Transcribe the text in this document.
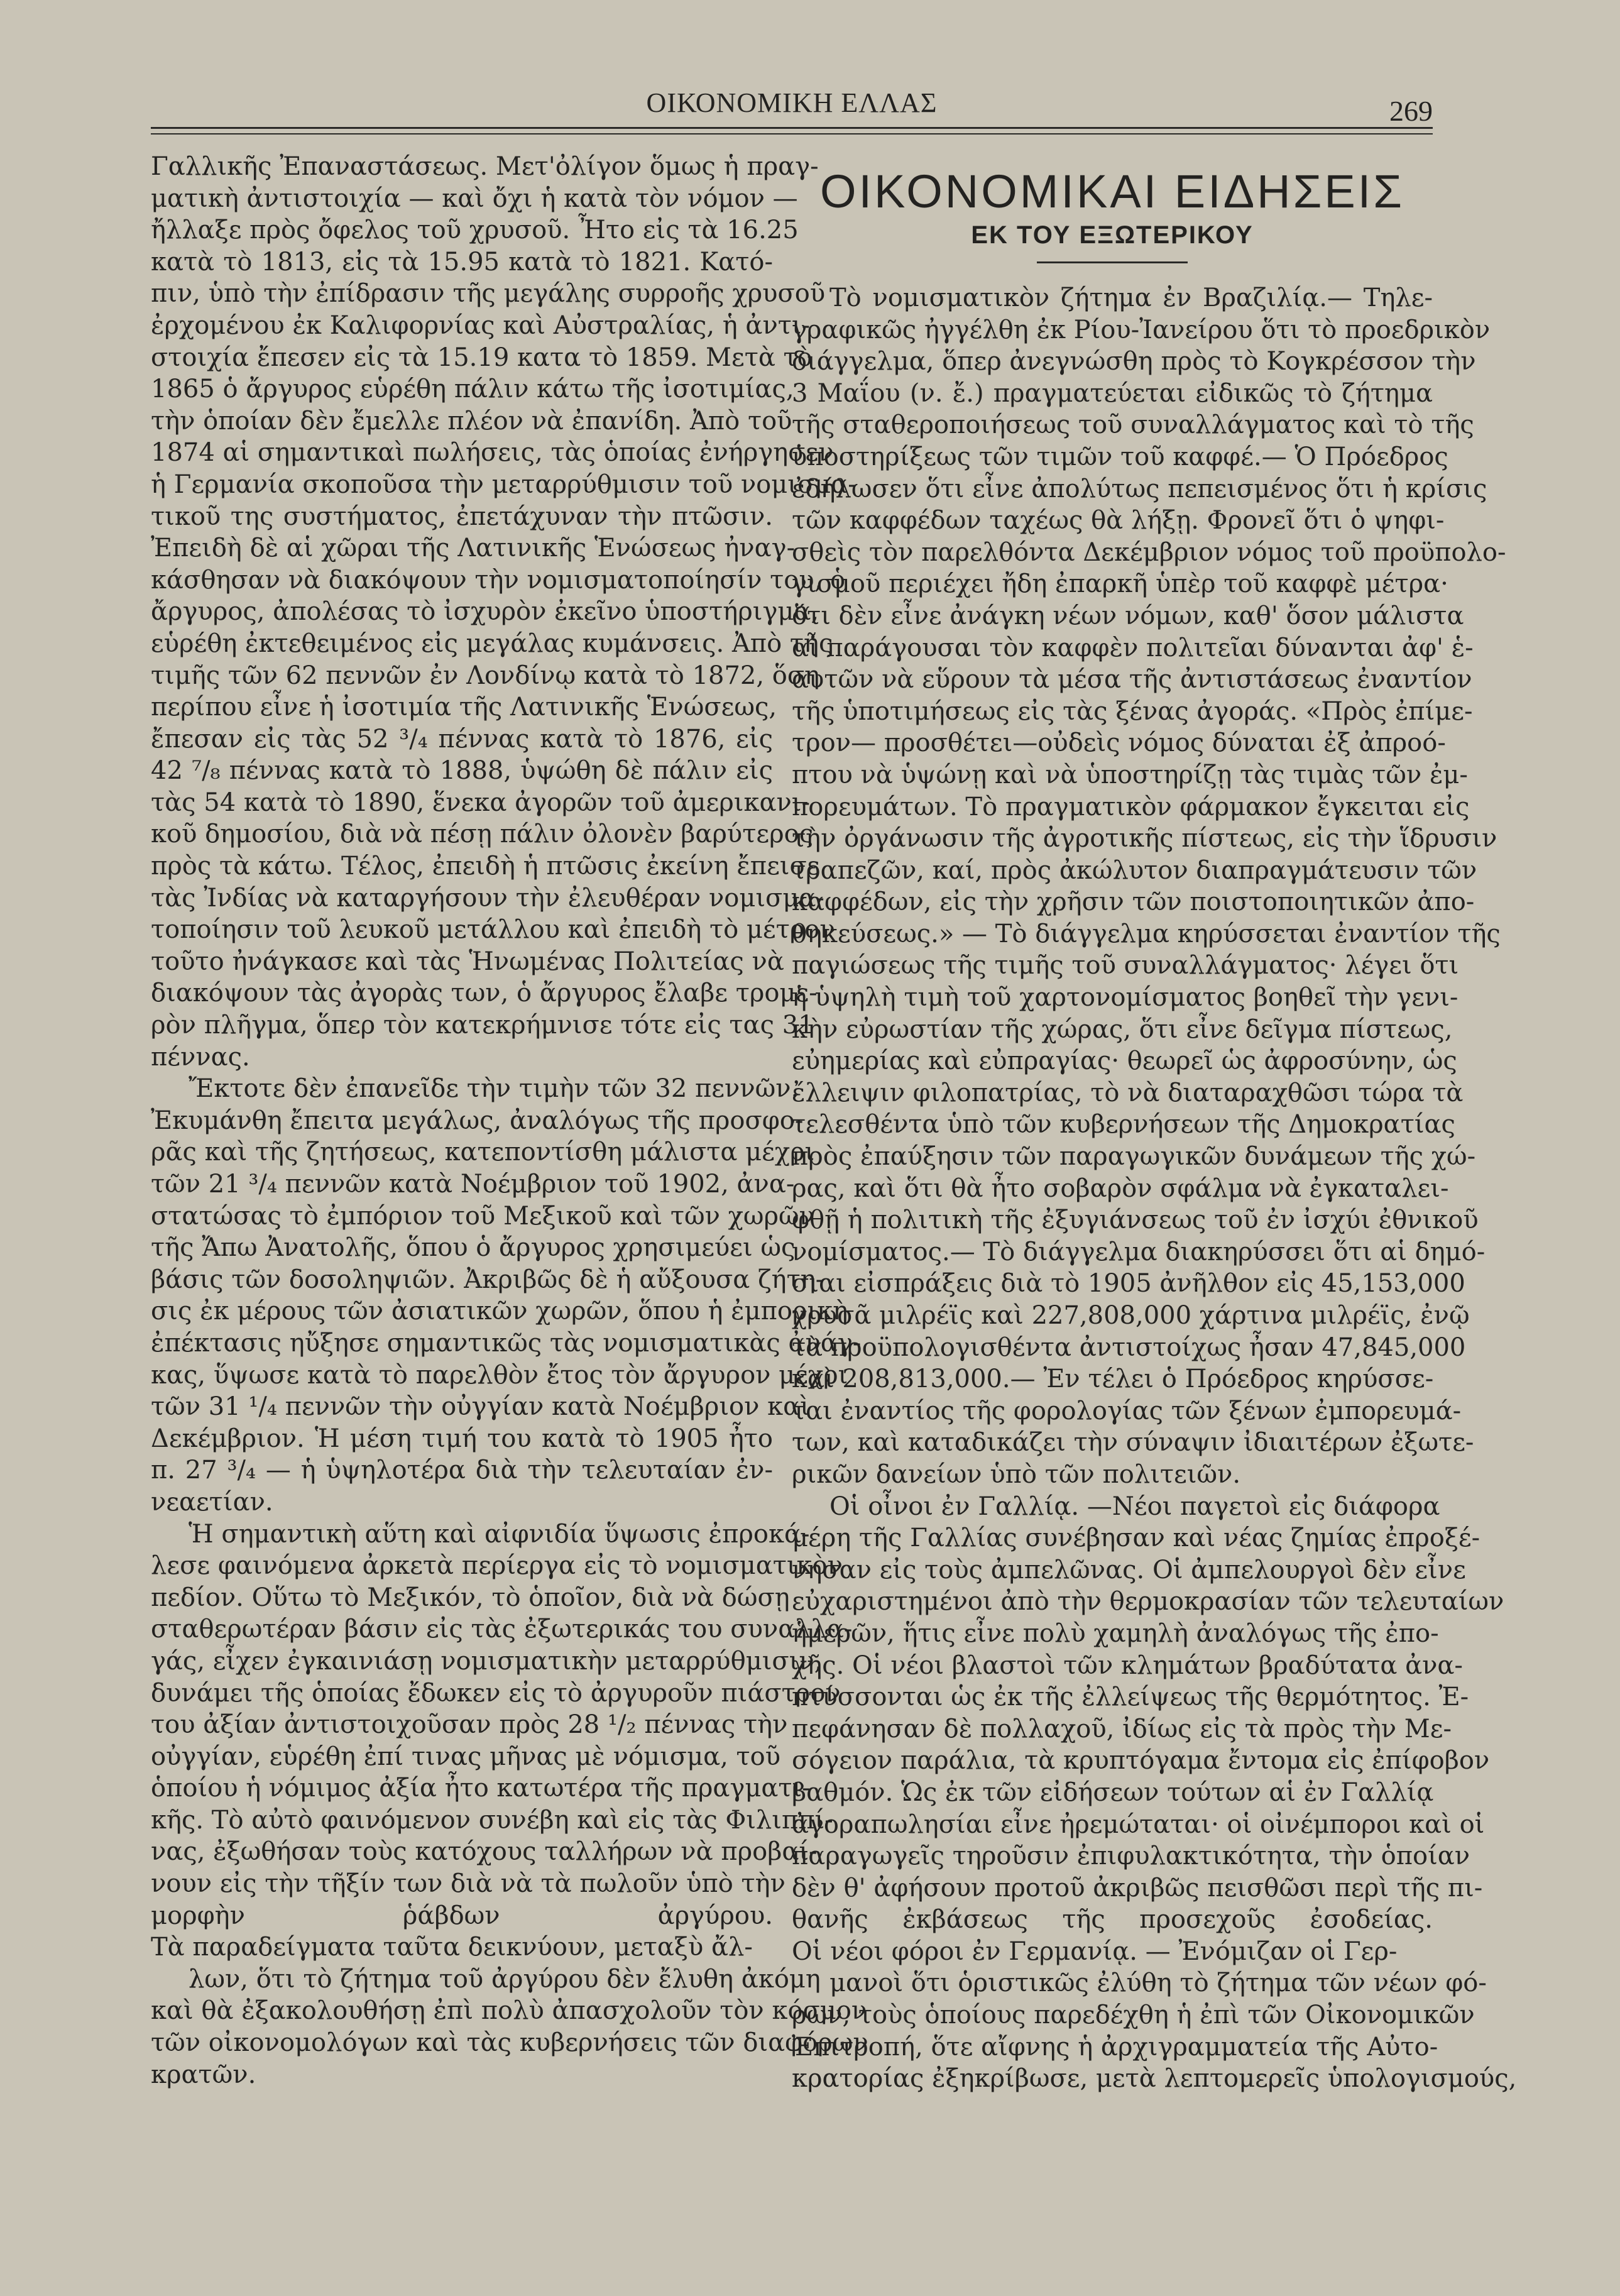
ΟΙΚΟΝΟΜΙΚΗ ΕΛΛΑΣ	269
Γαλλικῆς Ἐπαναστάσεως. Μετ'ὀλίγον ὅμως ἡ πραγ-
ματικὴ ἀντιστοιχία — καὶ ὄχι ἡ κατὰ τὸν νόμον —
ἤλλαξε πρὸς ὄφελος τοῦ χρυσοῦ. Ἦτο εἰς τὰ 16.25
κατὰ τὸ 1813, εἰς τὰ 15.95 κατὰ τὸ 1821. Κατό-
πιν, ὑπὸ τὴν ἐπίδρασιν τῆς μεγάλης συρροῆς χρυσοῦ
ἐρχομένου ἐκ Καλιφορνίας καὶ Αὐστραλίας, ἡ ἀντι-
στοιχία ἔπεσεν εἰς τὰ 15.19 κατα τὸ 1859. Μετὰ τὸ
1865 ὁ ἄργυρος εὑρέθη πάλιν κάτω τῆς ἰσοτιμίας,
τὴν ὁποίαν δὲν ἔμελλε πλέον νὰ ἐπανίδη. Ἀπὸ τοῦ
1874 αἱ σημαντικαὶ πωλήσεις, τὰς ὁποίας ἐνήργησεν
ἡ Γερμανία σκοποῦσα τὴν μεταρρύθμισιν τοῦ νομισμα-
τικοῦ της συστήματος, ἐπετάχυναν τὴν πτῶσιν.
Ἐπειδὴ δὲ αἱ χῶραι τῆς Λατινικῆς Ἑνώσεως ἠναγ-
κάσθησαν νὰ διακόψουν τὴν νομισματοποίησίν του, ὁ
ἄργυρος, ἀπολέσας τὸ ἰσχυρὸν ἐκεῖνο ὑποστήριγμα,
εὑρέθη ἐκτεθειμένος εἰς μεγάλας κυμάνσεις. Ἀπὸ τῆς
τιμῆς τῶν 62 πεννῶν ἐν Λονδίνῳ κατὰ τὸ 1872, ὅση
περίπου εἶνε ἡ ἰσοτιμία τῆς Λατινικῆς Ἑνώσεως,
ἔπεσαν εἰς τὰς 52 ³/₄ πέννας κατὰ τὸ 1876, εἰς
42 ⁷/₈ πέννας κατὰ τὸ 1888, ὑψώθη δὲ πάλιν εἰς
τὰς 54 κατὰ τὸ 1890, ἕνεκα ἀγορῶν τοῦ ἀμερικανι-
κοῦ δημοσίου, διὰ νὰ πέσῃ πάλιν ὀλονὲν βαρύτερος
πρὸς τὰ κάτω. Τέλος, ἐπειδὴ ἡ πτῶσις ἐκείνη ἔπεισε
τὰς Ἰνδίας νὰ καταργήσουν τὴν ἐλευθέραν νομισμα-
τοποίησιν τοῦ λευκοῦ μετάλλου καὶ ἐπειδὴ τὸ μέτρον
τοῦτο ἠνάγκασε καὶ τὰς Ἡνωμένας Πολιτείας νὰ
διακόψουν τὰς ἀγορὰς των, ὁ ἄργυρος ἔλαβε τρομε-
ρὸν πλῆγμα, ὅπερ τὸν κατεκρήμνισε τότε εἰς τας 31
πέννας.
Ἔκτοτε δὲν ἐπανεῖδε τὴν τιμὴν τῶν 32 πεννῶν.
Ἐκυμάνθη ἔπειτα μεγάλως, ἀναλόγως τῆς προσφο-
ρᾶς καὶ τῆς ζητήσεως, κατεποντίσθη μάλιστα μέχρι
τῶν 21 ³/₄ πεννῶν κατὰ Νοέμβριον τοῦ 1902, ἀνα-
στατώσας τὸ ἐμπόριον τοῦ Μεξικοῦ καὶ τῶν χωρῶν
τῆς Ἄπω Ἀνατολῆς, ὅπου ὁ ἄργυρος χρησιμεύει ὡς
βάσις τῶν δοσοληψιῶν. Ἀκριβῶς δὲ ἡ αὔξουσα ζήτη-
σις ἐκ μέρους τῶν ἀσιατικῶν χωρῶν, ὅπου ἡ ἐμπορικὴ
ἐπέκτασις ηὔξησε σημαντικῶς τὰς νομισματικὰς ἀνάγ-
κας, ὕψωσε κατὰ τὸ παρελθὸν ἔτος τὸν ἄργυρον μέχρι
τῶν 31 ¹/₄ πεννῶν τὴν οὐγγίαν κατὰ Νοέμβριον καὶ
Δεκέμβριον. Ἡ μέση τιμή του κατὰ τὸ 1905 ἦτο
π. 27 ³/₄ — ἡ ὑψηλοτέρα διὰ τὴν τελευταίαν ἐν-
νεαετίαν.
Ἡ σημαντικὴ αὕτη καὶ αἰφνιδία ὕψωσις ἐπροκά-
λεσε φαινόμενα ἀρκετὰ περίεργα εἰς τὸ νομισματικὸν
πεδίον. Οὕτω τὸ Μεξικόν, τὸ ὁποῖον, διὰ νὰ δώσῃ
σταθερωτέραν βάσιν εἰς τὰς ἐξωτερικάς του συναλλα-
γάς, εἶχεν ἐγκαινιάσῃ νομισματικὴν μεταρρύθμισιν,
δυνάμει τῆς ὁποίας ἔδωκεν εἰς τὸ ἀργυροῦν πιάστρον
του ἀξίαν ἀντιστοιχοῦσαν πρὸς 28 ¹/₂ πέννας τὴν
οὐγγίαν, εὑρέθη ἐπί τινας μῆνας μὲ νόμισμα, τοῦ
ὁποίου ἡ νόμιμος ἀξία ἦτο κατωτέρα τῆς πραγματι-
κῆς. Τὸ αὐτὸ φαινόμενον συνέβη καὶ εἰς τὰς Φιλιππί-
νας, ἐξωθήσαν τοὺς κατόχους ταλλήρων νὰ προβαί-
νουν εἰς τὴν τῆξίν των διὰ νὰ τὰ πωλοῦν ὑπὸ τὴν
μορφὴν ῥάβδων ἀργύρου.
Τὰ παραδείγματα ταῦτα δεικνύουν, μεταξὺ ἄλ-
λων, ὅτι τὸ ζήτημα τοῦ ἀργύρου δὲν ἔλυθη ἀκόμη
καὶ θὰ ἐξακολουθήσῃ ἐπὶ πολὺ ἀπασχολοῦν τὸν κόσμον
τῶν οἰκονομολόγων καὶ τὰς κυβερνήσεις τῶν διαφόρων
κρατῶν.
ΟΙΚΟΝΟΜΙΚΑΙ ΕΙΔΗΣΕΙΣ
ΕΚ ΤΟΥ ΕΞΩΤΕΡΙΚΟΥ
Τὸ νομισματικὸν ζήτημα ἐν Βραζιλίᾳ.— Τηλε-
γραφικῶς ἠγγέλθη ἐκ Ρίου-Ἰανείρου ὅτι τὸ προεδρικὸν
διάγγελμα, ὅπερ ἀνεγνώσθη πρὸς τὸ Κογκρέσσον τὴν
3 Μαΐου (ν. ἔ.) πραγματεύεται εἰδικῶς τὸ ζήτημα
τῆς σταθεροποιήσεως τοῦ συναλλάγματος καὶ τὸ τῆς
ὑποστηρίξεως τῶν τιμῶν τοῦ καφφέ.— Ὁ Πρόεδρος
ἐδήλωσεν ὅτι εἶνε ἀπολύτως πεπεισμένος ὅτι ἡ κρίσις
τῶν καφφέδων ταχέως θὰ λήξῃ. Φρονεῖ ὅτι ὁ ψηφι-
σθεὶς τὸν παρελθόντα Δεκέμβριον νόμος τοῦ προϋπολο-
γισμοῦ περιέχει ἤδη ἐπαρκῆ ὑπὲρ τοῦ καφφὲ μέτρα·
ὅτι δὲν εἶνε ἀνάγκη νέων νόμων, καθ' ὅσον μάλιστα
αἱ παράγουσαι τὸν καφφὲν πολιτεῖαι δύνανται ἀφ' ἑ-
αυτῶν νὰ εὕρουν τὰ μέσα τῆς ἀντιστάσεως ἐναντίον
τῆς ὑποτιμήσεως εἰς τὰς ξένας ἀγοράς. «Πρὸς ἐπίμε-
τρον— προσθέτει—οὐδεὶς νόμος δύναται ἐξ ἀπροό-
πτου νὰ ὑψώνῃ καὶ νὰ ὑποστηρίζῃ τὰς τιμὰς τῶν ἐμ-
πορευμάτων. Τὸ πραγματικὸν φάρμακον ἔγκειται εἰς
τὴν ὀργάνωσιν τῆς ἀγροτικῆς πίστεως, εἰς τὴν ἵδρυσιν
τραπεζῶν, καί, πρὸς ἀκώλυτον διαπραγμάτευσιν τῶν
καφφέδων, εἰς τὴν χρῆσιν τῶν ποιστοποιητικῶν ἀπο-
θηκεύσεως.» — Τὸ διάγγελμα κηρύσσεται ἐναντίον τῆς
παγιώσεως τῆς τιμῆς τοῦ συναλλάγματος· λέγει ὅτι
ἡ ὑψηλὴ τιμὴ τοῦ χαρτονομίσματος βοηθεῖ τὴν γενι-
κὴν εὐρωστίαν τῆς χώρας, ὅτι εἶνε δεῖγμα πίστεως,
εὐημερίας καὶ εὐπραγίας· θεωρεῖ ὡς ἀφροσύνην, ὡς
ἔλλειψιν φιλοπατρίας, τὸ νὰ διαταραχθῶσι τώρα τὰ
τελεσθέντα ὑπὸ τῶν κυβερνήσεων τῆς Δημοκρατίας
πρὸς ἐπαύξησιν τῶν παραγωγικῶν δυνάμεων τῆς χώ-
ρας, καὶ ὅτι θὰ ἦτο σοβαρὸν σφάλμα νὰ ἐγκαταλει-
φθῇ ἡ πολιτικὴ τῆς ἐξυγιάνσεως τοῦ ἐν ἰσχύι ἐθνικοῦ
νομίσματος.— Τὸ διάγγελμα διακηρύσσει ὅτι αἱ δημό-
σιαι εἰσπράξεις διὰ τὸ 1905 ἀνῆλθον εἰς 45,153,000
χρυσᾶ μιλρέϊς καὶ 227,808,000 χάρτινα μιλρέϊς, ἐνῷ
τὰ προϋπολογισθέντα ἀντιστοίχως ἦσαν 47,845,000
καὶ 208,813,000.— Ἐν τέλει ὁ Πρόεδρος κηρύσσε-
ται ἐναντίος τῆς φορολογίας τῶν ξένων ἐμπορευμά-
των, καὶ καταδικάζει τὴν σύναψιν ἰδιαιτέρων ἐξωτε-
ρικῶν δανείων ὑπὸ τῶν πολιτειῶν.
Οἱ οἶνοι ἐν Γαλλίᾳ. —Νέοι παγετοὶ εἰς διάφορα
μέρη τῆς Γαλλίας συνέβησαν καὶ νέας ζημίας ἐπροξέ-
νησαν εἰς τοὺς ἀμπελῶνας. Οἱ ἀμπελουργοὶ δὲν εἶνε
εὐχαριστημένοι ἀπὸ τὴν θερμοκρασίαν τῶν τελευταίων
ἡμερῶν, ἥτις εἶνε πολὺ χαμηλὴ ἀναλόγως τῆς ἐπο-
χῆς. Οἱ νέοι βλαστοὶ τῶν κλημάτων βραδύτατα ἀνα-
πτύσσονται ὡς ἐκ τῆς ἐλλείψεως τῆς θερμότητος. Ἐ-
πεφάνησαν δὲ πολλαχοῦ, ἰδίως εἰς τὰ πρὸς τὴν Με-
σόγειον παράλια, τὰ κρυπτόγαμα ἔντομα εἰς ἐπίφοβον
βαθμόν. Ὡς ἐκ τῶν εἰδήσεων τούτων αἱ ἐν Γαλλίᾳ
ἀγοραπωλησίαι εἶνε ἠρεμώταται· οἱ οἰνέμποροι καὶ οἱ
παραγωγεῖς τηροῦσιν ἐπιφυλακτικότητα, τὴν ὁποίαν
δὲν θ' ἀφήσουν προτοῦ ἀκριβῶς πεισθῶσι περὶ τῆς πι-
θανῆς ἐκβάσεως τῆς προσεχοῦς ἐσοδείας.
Οἱ νέοι φόροι ἐν Γερμανίᾳ. — Ἐνόμιζαν οἱ Γερ-
μανοὶ ὅτι ὁριστικῶς ἐλύθη τὸ ζήτημα τῶν νέων φό-
ρων, τοὺς ὁποίους παρεδέχθη ἡ ἐπὶ τῶν Οἰκονομικῶν
Ἐπιτροπή, ὅτε αἴφνης ἡ ἀρχιγραμματεία τῆς Αὐτο-
κρατορίας ἐξηκρίβωσε, μετὰ λεπτομερεῖς ὑπολογισμούς,
